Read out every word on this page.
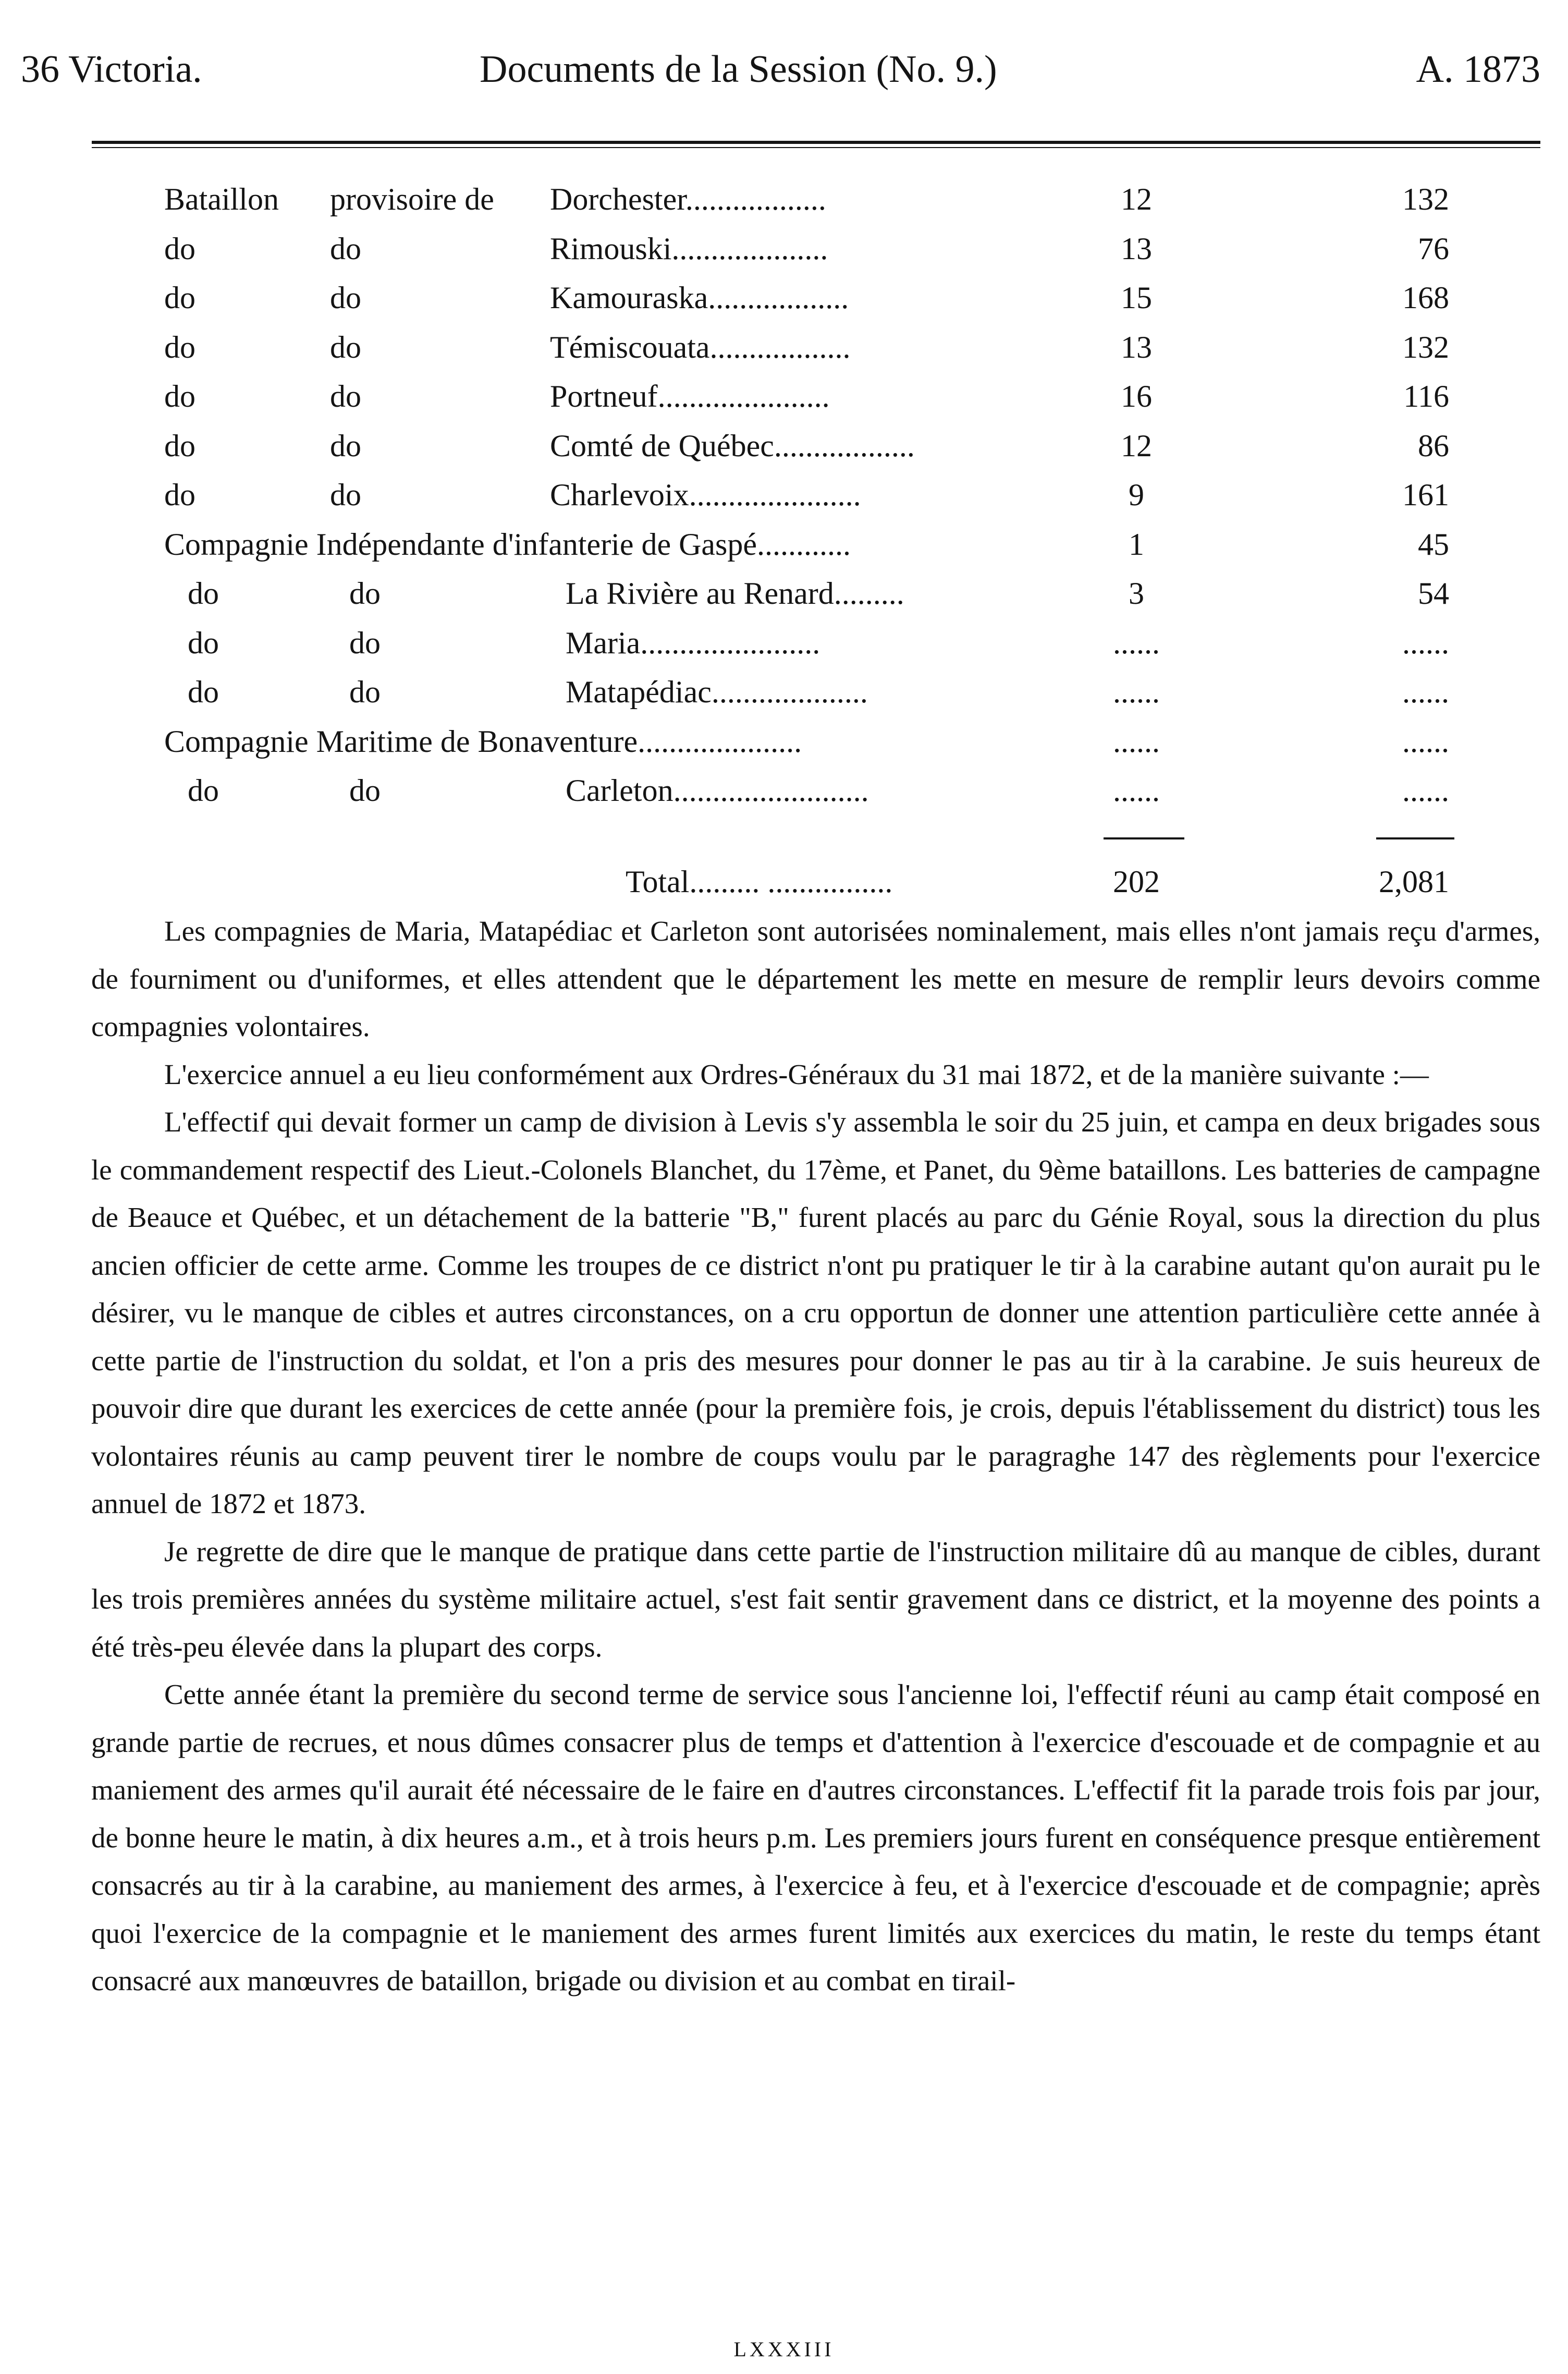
36 Victoria.	Documents de la Session (No. 9.)	A. 1873
Bataillon provisoire de Dorchester..................	12	132
do	do	Rimouski....................	13	76
do	do	Kamouraska..................	15	168
do	do	Témiscouata..................	13	132
do	do	Portneuf......................	16	116
do	do	Comté de Québec..................	12	86
do	do	Charlevoix......................	9	161
Compagnie Indépendante d'infanterie de Gaspé............	1	45
do	do	La Rivière au Renard.........	3	54
do	do	Maria.......................	......	......
do	do	Matapédiac....................	......	......
Compagnie Maritime de Bonaventure.....................	......	......
do	do	Carleton.........................	......	......
Total......... ................	202	2,081

Les compagnies de Maria, Matapédiac et Carleton sont autorisées nominalement, mais elles n'ont jamais reçu d'armes, de fourniment ou d'uniformes, et elles attendent que le département les mette en mesure de remplir leurs devoirs comme compagnies volontaires.

L'exercice annuel a eu lieu conformément aux Ordres-Généraux du 31 mai 1872, et de la manière suivante :—

L'effectif qui devait former un camp de division à Levis s'y assembla le soir du 25 juin, et campa en deux brigades sous le commandement respectif des Lieut.-Colonels Blanchet, du 17ème, et Panet, du 9ème bataillons. Les batteries de campagne de Beauce et Québec, et un détachement de la batterie "B," furent placés au parc du Génie Royal, sous la direction du plus ancien officier de cette arme. Comme les troupes de ce district n'ont pu pratiquer le tir à la carabine autant qu'on aurait pu le désirer, vu le manque de cibles et autres circonstances, on a cru opportun de donner une attention particulière cette année à cette partie de l'instruction du soldat, et l'on a pris des mesures pour donner le pas au tir à la carabine. Je suis heureux de pouvoir dire que durant les exercices de cette année (pour la première fois, je crois, depuis l'établissement du district) tous les volontaires réunis au camp peuvent tirer le nombre de coups voulu par le paragraghe 147 des règlements pour l'exercice annuel de 1872 et 1873.

Je regrette de dire que le manque de pratique dans cette partie de l'instruction militaire dû au manque de cibles, durant les trois premières années du système militaire actuel, s'est fait sentir gravement dans ce district, et la moyenne des points a été très-peu élevée dans la plupart des corps.

Cette année étant la première du second terme de service sous l'ancienne loi, l'effectif réuni au camp était composé en grande partie de recrues, et nous dûmes consacrer plus de temps et d'attention à l'exercice d'escouade et de compagnie et au maniement des armes qu'il aurait été nécessaire de le faire en d'autres circonstances. L'effectif fit la parade trois fois par jour, de bonne heure le matin, à dix heures a.m., et à trois heurs p.m. Les premiers jours furent en conséquence presque entièrement consacrés au tir à la carabine, au maniement des armes, à l'exercice à feu, et à l'exercice d'escouade et de compagnie; après quoi l'exercice de la compagnie et le maniement des armes furent limités aux exercices du matin, le reste du temps étant consacré aux manœuvres de bataillon, brigade ou division et au combat en tirail-

LXXXIII
